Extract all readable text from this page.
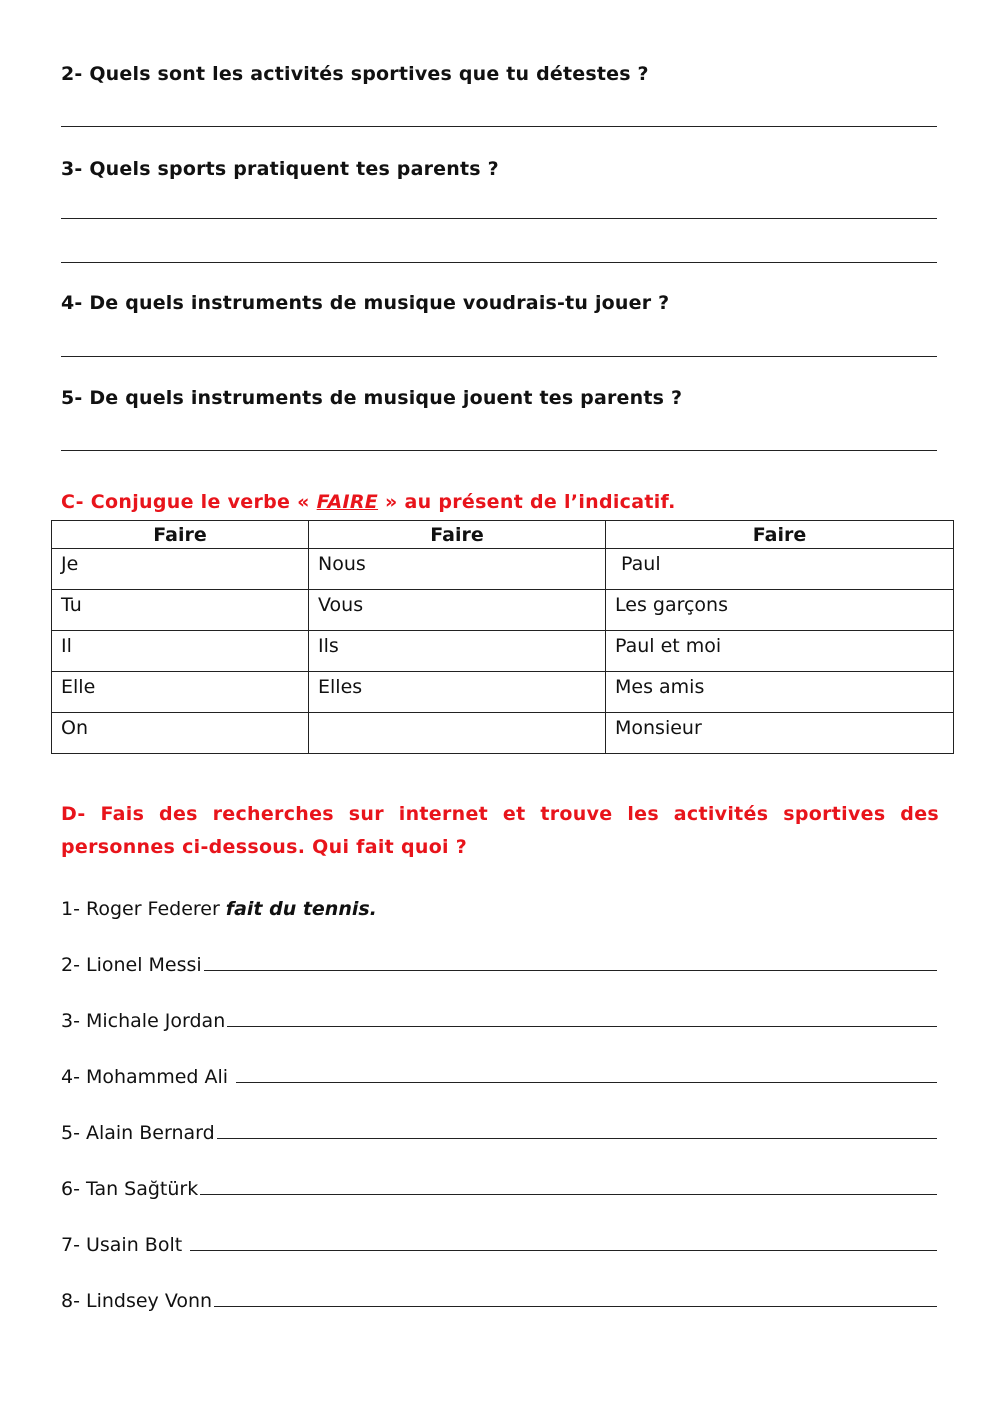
2- Quels sont les activités sportives que tu détestes ?
3- Quels sports pratiquent tes parents ?
4- De quels instruments de musique voudrais-tu jouer ?
5- De quels instruments de musique jouent tes parents ?
C- Conjugue le verbe « FAIRE » au présent de l’indicatif.
Faire	Faire	Faire
Je	Nous	Paul
Tu	Vous	Les garçons
Il	Ils	Paul et moi
Elle	Elles	Mes amis
On		Monsieur
D- Fais des recherches sur internet et trouve les activités sportives des personnes ci-dessous. Qui fait quoi ?
1- Roger Federer fait du tennis.
2- Lionel Messi
3- Michale Jordan
4- Mohammed Ali
5- Alain Bernard
6- Tan Sağtürk
7- Usain Bolt
8- Lindsey Vonn
